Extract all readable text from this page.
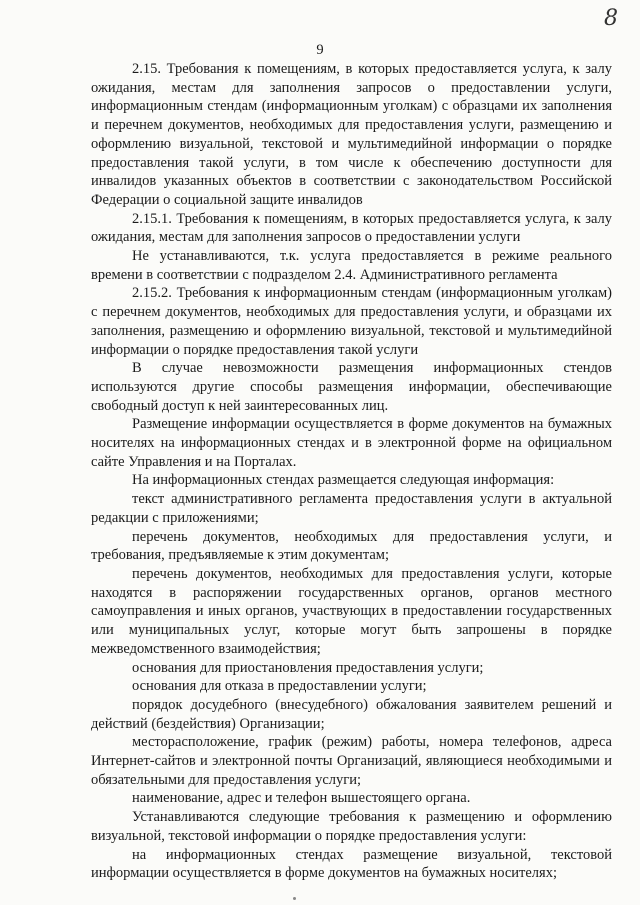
8
9

2.15. Требования к помещениям, в которых предоставляется услуга, к залу ожидания, местам для заполнения запросов о предоставлении услуги, информационным стендам (информационным уголкам) с образцами их заполнения и перечнем документов, необходимых для предоставления услуги, размещению и оформлению визуальной, текстовой и мультимедийной информации о порядке предоставления такой услуги, в том числе к обеспечению доступности для инвалидов указанных объектов в соответствии с законодательством Российской Федерации о социальной защите инвалидов

2.15.1. Требования к помещениям, в которых предоставляется услуга, к залу ожидания, местам для заполнения запросов о предоставлении услуги

Не устанавливаются, т.к. услуга предоставляется в режиме реального времени в соответствии с подразделом 2.4. Административного регламента

2.15.2. Требования к информационным стендам (информационным уголкам) с перечнем документов, необходимых для предоставления услуги, и образцами их заполнения, размещению и оформлению визуальной, текстовой и мультимедийной информации о порядке предоставления такой услуги

В случае невозможности размещения информационных стендов используются другие способы размещения информации, обеспечивающие свободный доступ к ней заинтересованных лиц.

Размещение информации осуществляется в форме документов на бумажных носителях на информационных стендах и в электронной форме на официальном сайте Управления и на Порталах.

На информационных стендах размещается следующая информация:

текст административного регламента предоставления услуги в актуальной редакции с приложениями;

перечень документов, необходимых для предоставления услуги, и требования, предъявляемые к этим документам;

перечень документов, необходимых для предоставления услуги, которые находятся в распоряжении государственных органов, органов местного самоуправления и иных органов, участвующих в предоставлении государственных или муниципальных услуг, которые могут быть запрошены в порядке межведомственного взаимодействия;

основания для приостановления предоставления услуги;

основания для отказа в предоставлении услуги;

порядок досудебного (внесудебного) обжалования заявителем решений и действий (бездействия) Организации;

месторасположение, график (режим) работы, номера телефонов, адреса Интернет-сайтов и электронной почты Организаций, являющиеся необходимыми и обязательными для предоставления услуги;

наименование, адрес и телефон вышестоящего органа.

Устанавливаются следующие требования к размещению и оформлению визуальной, текстовой информации о порядке предоставления услуги:

на информационных стендах размещение визуальной, текстовой информации осуществляется в форме документов на бумажных носителях;
